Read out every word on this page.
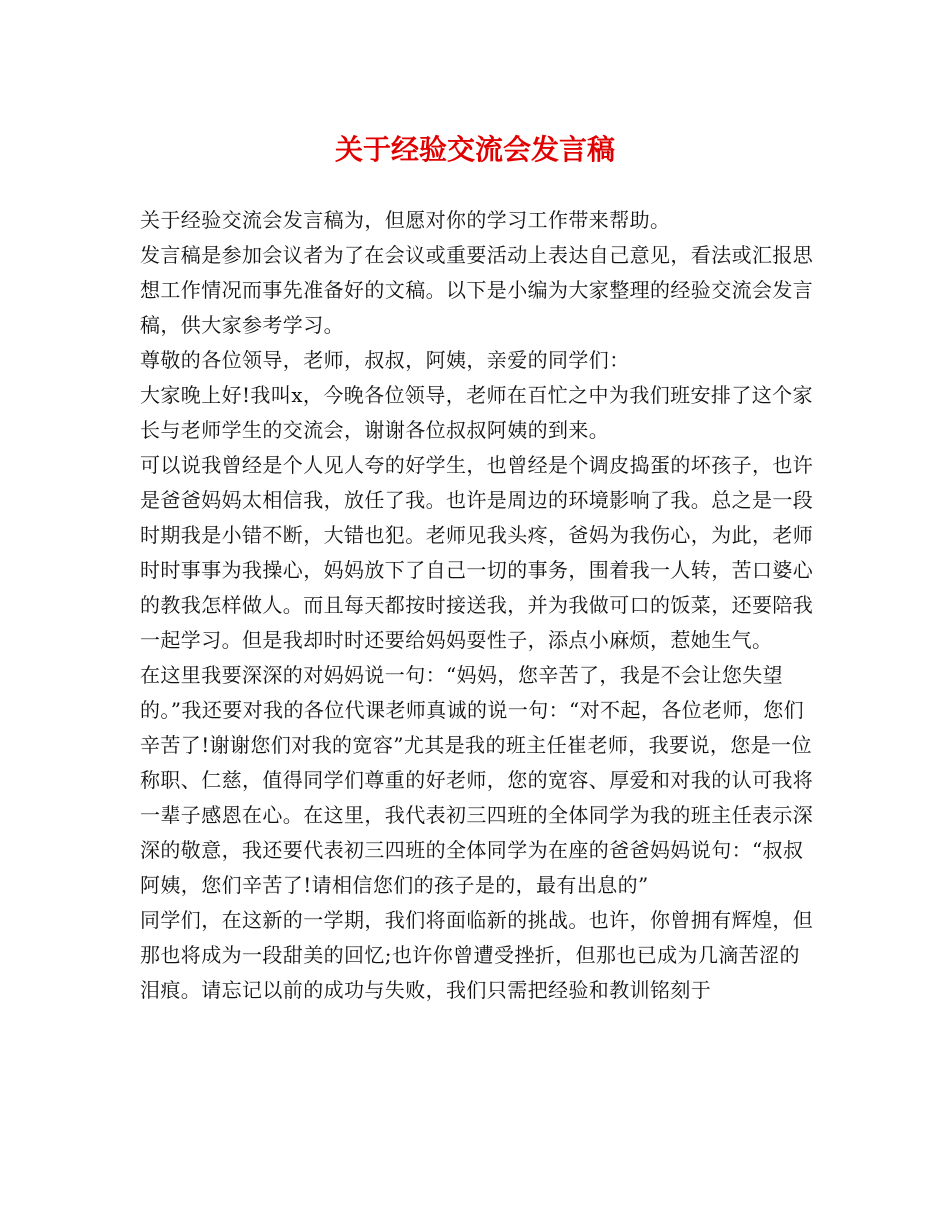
关于经验交流会发言稿

关于经验交流会发言稿为，但愿对你的学习工作带来帮助。

发言稿是参加会议者为了在会议或重要活动上表达自己意见，看法或汇报思想工作情况而事先准备好的文稿。以下是小编为大家整理的经验交流会发言稿，供大家参考学习。

尊敬的各位领导，老师，叔叔，阿姨，亲爱的同学们：

大家晚上好!我叫x，今晚各位领导，老师在百忙之中为我们班安排了这个家长与老师学生的交流会，谢谢各位叔叔阿姨的到来。

可以说我曾经是个人见人夸的好学生，也曾经是个调皮捣蛋的坏孩子，也许是爸爸妈妈太相信我，放任了我。也许是周边的环境影响了我。总之是一段时期我是小错不断，大错也犯。老师见我头疼，爸妈为我伤心，为此，老师时时事事为我操心，妈妈放下了自己一切的事务，围着我一人转，苦口婆心的教我怎样做人。而且每天都按时接送我，并为我做可口的饭菜，还要陪我一起学习。但是我却时时还要给妈妈耍性子，添点小麻烦，惹她生气。

在这里我要深深的对妈妈说一句：“妈妈，您辛苦了，我是不会让您失望的。”我还要对我的各位代课老师真诚的说一句：“对不起，各位老师，您们辛苦了!谢谢您们对我的宽容”尤其是我的班主任崔老师，我要说，您是一位称职、仁慈，值得同学们尊重的好老师，您的宽容、厚爱和对我的认可我将一辈子感恩在心。在这里，我代表初三四班的全体同学为我的班主任表示深深的敬意，我还要代表初三四班的全体同学为在座的爸爸妈妈说句：“叔叔阿姨，您们辛苦了!请相信您们的孩子是的，最有出息的”

同学们，在这新的一学期，我们将面临新的挑战。也许，你曾拥有辉煌，但那也将成为一段甜美的回忆;也许你曾遭受挫折，但那也已成为几滴苦涩的泪痕。请忘记以前的成功与失败，我们只需把经验和教训铭刻于
